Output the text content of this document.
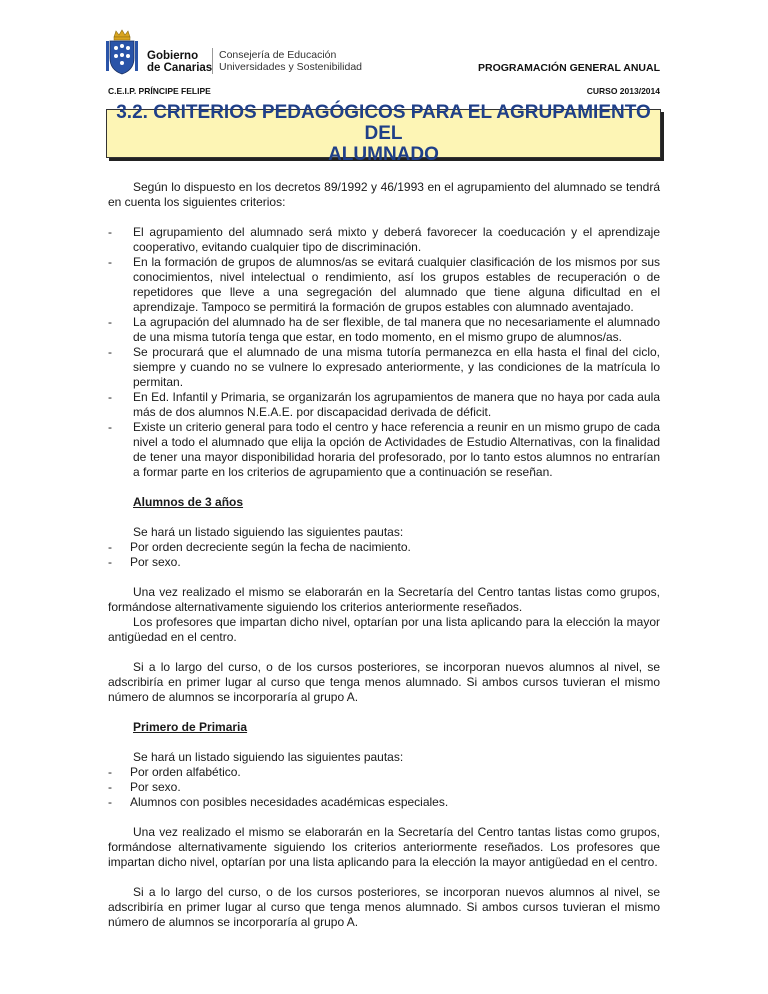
Gobierno
de Canarias
Consejería de Educación
Universidades y Sostenibilidad	PROGRAMACIÓN GENERAL ANUAL
C.E.I.P. PRÍNCIPE FELIPE	CURSO 2013/2014
3.2. CRITERIOS PEDAGÓGICOS PARA EL AGRUPAMIENTO DEL
ALUMNADO

Según lo dispuesto en los decretos 89/1992 y 46/1993 en el agrupamiento del alumnado se tendrá en cuenta los siguientes criterios:

- El agrupamiento del alumnado será mixto y deberá favorecer la coeducación y el aprendizaje cooperativo, evitando cualquier tipo de discriminación.
- En la formación de grupos de alumnos/as se evitará cualquier clasificación de los mismos por sus conocimientos, nivel intelectual o rendimiento, así los grupos estables de recuperación o de repetidores que lleve a una segregación del alumnado que tiene alguna dificultad en el aprendizaje. Tampoco se permitirá la formación de grupos estables con alumnado aventajado.
- La agrupación del alumnado ha de ser flexible, de tal manera que no necesariamente el alumnado de una misma tutoría tenga que estar, en todo momento, en el mismo grupo de alumnos/as.
- Se procurará que el alumnado de una misma tutoría permanezca en ella hasta el final del ciclo, siempre y cuando no se vulnere lo expresado anteriormente, y las condiciones de la matrícula lo permitan.
- En Ed. Infantil y Primaria, se organizarán los agrupamientos de manera que no haya por cada aula más de dos alumnos N.E.A.E. por discapacidad derivada de déficit.
- Existe un criterio general para todo el centro y hace referencia a reunir en un mismo grupo de cada nivel a todo el alumnado que elija la opción de Actividades de Estudio Alternativas, con la finalidad de tener una mayor disponibilidad horaria del profesorado, por lo tanto estos alumnos no entrarían a formar parte en los criterios de agrupamiento que a continuación se reseñan.

Alumnos de 3 años

Se hará un listado siguiendo las siguientes pautas:

- Por orden decreciente según la fecha de nacimiento.
- Por sexo.

Una vez realizado el mismo se elaborarán en la Secretaría del Centro tantas listas como grupos, formándose alternativamente siguiendo los criterios anteriormente reseñados.

Los profesores que impartan dicho nivel, optarían por una lista aplicando para la elección la mayor antigüedad en el centro.

Si a lo largo del curso, o de los cursos posteriores, se incorporan nuevos alumnos al nivel, se adscribiría en primer lugar al curso que tenga menos alumnado. Si ambos cursos tuvieran el mismo número de alumnos se incorporaría al grupo A.

Primero de Primaria

Se hará un listado siguiendo las siguientes pautas:

- Por orden alfabético.
- Por sexo.
- Alumnos con posibles necesidades académicas especiales.

Una vez realizado el mismo se elaborarán en la Secretaría del Centro tantas listas como grupos, formándose alternativamente siguiendo los criterios anteriormente reseñados. Los profesores que impartan dicho nivel, optarían por una lista aplicando para la elección la mayor antigüedad en el centro.

Si a lo largo del curso, o de los cursos posteriores, se incorporan nuevos alumnos al nivel, se adscribiría en primer lugar al curso que tenga menos alumnado. Si ambos cursos tuvieran el mismo número de alumnos se incorporaría al grupo A.
